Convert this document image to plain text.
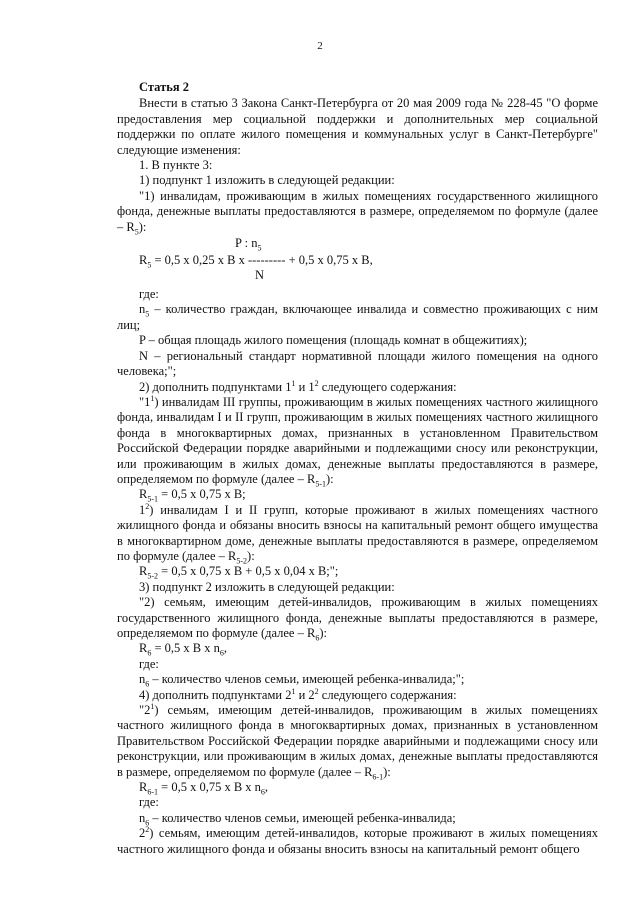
2

Статья 2

Внести в статью 3 Закона Санкт-Петербурга от 20 мая 2009 года № 228-45 "О форме предоставления мер социальной поддержки и дополнительных мер социальной поддержки по оплате жилого помещения и коммунальных услуг в Санкт-Петербурге" следующие изменения:

1. В пункте 3:

1) подпункт 1 изложить в следующей редакции:

"1) инвалидам, проживающим в жилых помещениях государственного жилищного фонда, денежные выплаты предоставляются в размере, определяемом по формуле (далее – $R_5$):

P : $n_5$
$R_5 = 0,5$ x 0,25 x B x --------- + 0,5 x 0,75 x B,
N

где:

$n_5$ – количество граждан, включающее инвалида и совместно проживающих с ним лиц;

P – общая площадь жилого помещения (площадь комнат в общежитиях);

N – региональный стандарт нормативной площади жилого помещения на одного человека;";

2) дополнить подпунктами $1^1$ и $1^2$ следующего содержания:

"$1^1$) инвалидам III группы, проживающим в жилых помещениях частного жилищного фонда, инвалидам I и II групп, проживающим в жилых помещениях частного жилищного фонда в многоквартирных домах, признанных в установленном Правительством Российской Федерации порядке аварийными и подлежащими сносу или реконструкции, или проживающим в жилых домах, денежные выплаты предоставляются в размере, определяемом по формуле (далее – $R_{5-1}$):

$R_{5-1} = 0,5$ x 0,75 x B;

$1^2$) инвалидам I и II групп, которые проживают в жилых помещениях частного жилищного фонда и обязаны вносить взносы на капитальный ремонт общего имущества в многоквартирном доме, денежные выплаты предоставляются в размере, определяемом по формуле (далее – $R_{5-2}$):

$R_{5-2} = 0,5$ x 0,75 x B + 0,5 x 0,04 x B;";

3) подпункт 2 изложить в следующей редакции:

"2) семьям, имеющим детей-инвалидов, проживающим в жилых помещениях государственного жилищного фонда, денежные выплаты предоставляются в размере, определяемом по формуле (далее – $R_6$):

$R_6 = 0,5$ x B x $n_6$,

где:

$n_6$ – количество членов семьи, имеющей ребенка-инвалида;";

4) дополнить подпунктами $2^1$ и $2^2$ следующего содержания:

"$2^1$) семьям, имеющим детей-инвалидов, проживающим в жилых помещениях частного жилищного фонда в многоквартирных домах, признанных в установленном Правительством Российской Федерации порядке аварийными и подлежащими сносу или реконструкции, или проживающим в жилых домах, денежные выплаты предоставляются в размере, определяемом по формуле (далее – $R_{6-1}$):

$R_{6-1} = 0,5$ x 0,75 x B x $n_6$,

где:

$n_6$ – количество членов семьи, имеющей ребенка-инвалида;

$2^2$) семьям, имеющим детей-инвалидов, которые проживают в жилых помещениях частного жилищного фонда и обязаны вносить взносы на капитальный ремонт общего
